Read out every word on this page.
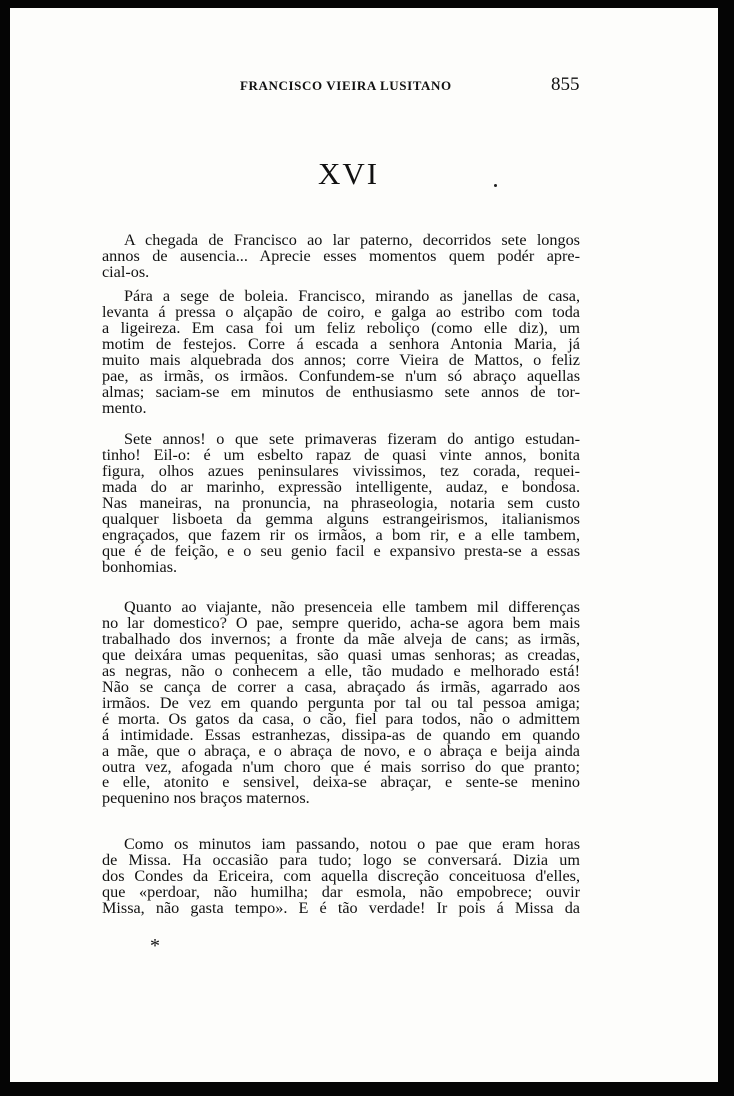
FRANCISCO VIEIRA LUSITANO	855
XVI
A chegada de Francisco ao lar paterno, decorridos sete longos
annos de ausencia... Aprecie esses momentos quem podér apre-
cial-os.
Pára a sege de boleia. Francisco, mirando as janellas de casa,
levanta á pressa o alçapão de coiro, e galga ao estribo com toda
a ligeireza. Em casa foi um feliz reboliço (como elle diz), um
motim de festejos. Corre á escada a senhora Antonia Maria, já
muito mais alquebrada dos annos; corre Vieira de Mattos, o feliz
pae, as irmãs, os irmãos. Confundem-se n'um só abraço aquellas
almas; saciam-se em minutos de enthusiasmo sete annos de tor-
mento.
Sete annos! o que sete primaveras fizeram do antigo estudan-
tinho! Eil-o: é um esbelto rapaz de quasi vinte annos, bonita
figura, olhos azues peninsulares vivissimos, tez corada, requei-
mada do ar marinho, expressão intelligente, audaz, e bondosa.
Nas maneiras, na pronuncia, na phraseologia, notaria sem custo
qualquer lisboeta da gemma alguns estrangeirismos, italianismos
engraçados, que fazem rir os irmãos, a bom rir, e a elle tambem,
que é de feição, e o seu genio facil e expansivo presta-se a essas
bonhomias.
Quanto ao viajante, não presenceia elle tambem mil differenças
no lar domestico? O pae, sempre querido, acha-se agora bem mais
trabalhado dos invernos; a fronte da mãe alveja de cans; as irmãs,
que deixára umas pequenitas, são quasi umas senhoras; as creadas,
as negras, não o conhecem a elle, tão mudado e melhorado está!
Não se cança de correr a casa, abraçado ás irmãs, agarrado aos
irmãos. De vez em quando pergunta por tal ou tal pessoa amiga;
é morta. Os gatos da casa, o cão, fiel para todos, não o admittem
á intimidade. Essas estranhezas, dissipa-as de quando em quando
a mãe, que o abraça, e o abraça de novo, e o abraça e beija ainda
outra vez, afogada n'um choro que é mais sorriso do que pranto;
e elle, atonito e sensivel, deixa-se abraçar, e sente-se menino
pequenino nos braços maternos.
Como os minutos iam passando, notou o pae que eram horas
de Missa. Ha occasião para tudo; logo se conversará. Dizia um
dos Condes da Ericeira, com aquella discreção conceituosa d'elles,
que «perdoar, não humilha; dar esmola, não empobrece; ouvir
Missa, não gasta tempo». E é tão verdade! Ir pois á Missa da
*
